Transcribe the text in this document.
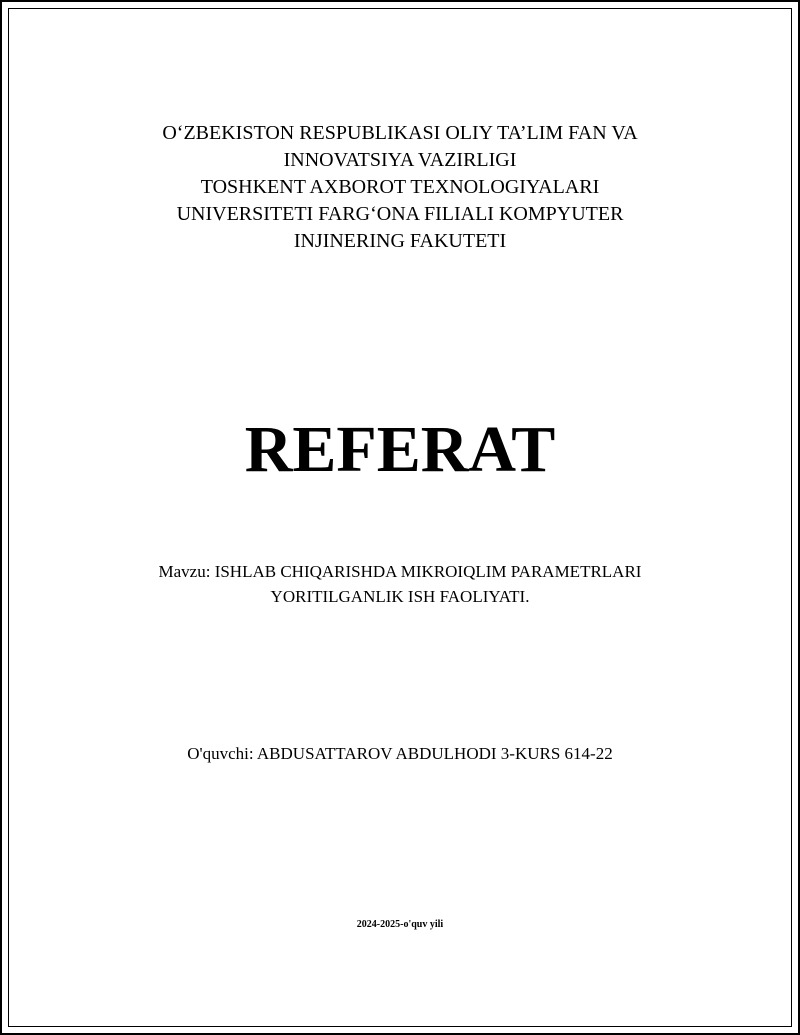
O‘ZBEKISTON RESPUBLIKASI OLIY TA’LIM FAN VA
INNOVATSIYA VAZIRLIGI
TOSHKENT AXBOROT TEXNOLOGIYALARI
UNIVERSITETI FARG‘ONA FILIALI KOMPYUTER
INJINERING FAKUTETI
REFERAT
Mavzu: ISHLAB CHIQARISHDA MIKROIQLIM PARAMETRLARI
YORITILGANLIK ISH FAOLIYATI.
O'quvchi: ABDUSATTAROV ABDULHODI 3-KURS 614-22
2024-2025-o'quv yili
